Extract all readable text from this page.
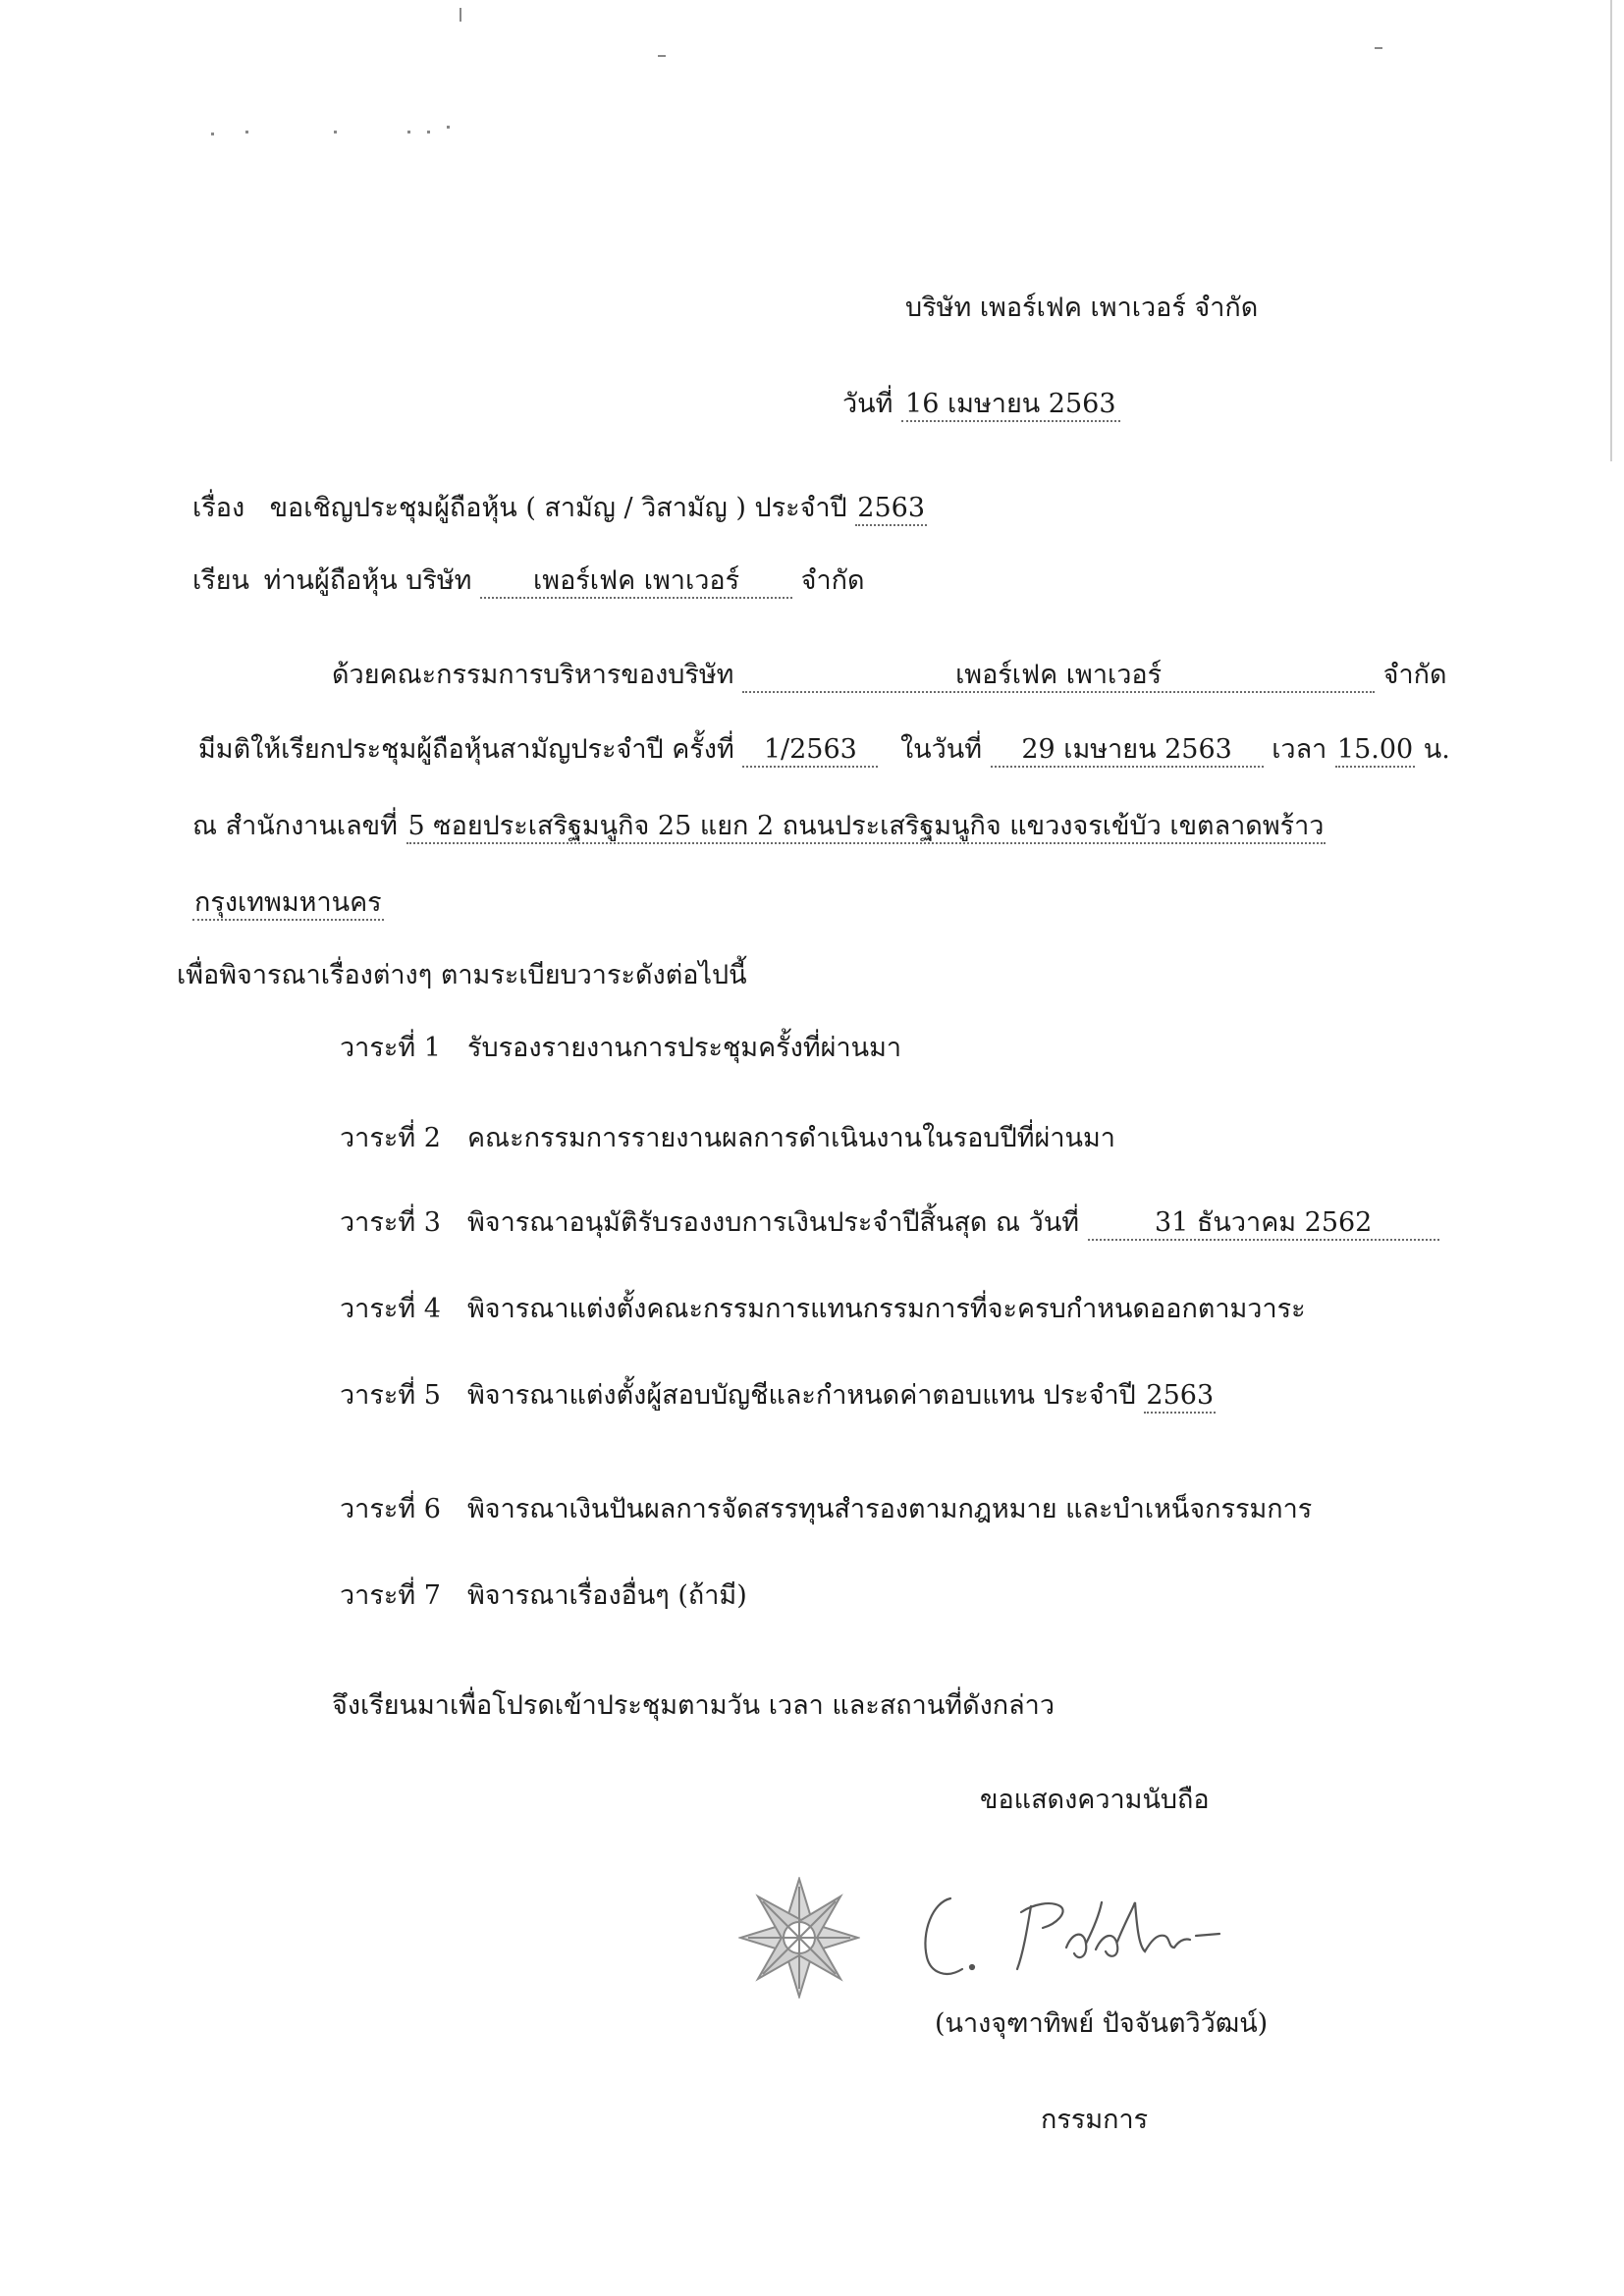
บริษัท เพอร์เฟค เพาเวอร์ จำกัด
วันที่ 16 เมษายน 2563
เรื่อง ขอเชิญประชุมผู้ถือหุ้น ( สามัญ / วิสามัญ ) ประจำปี 2563
เรียน ท่านผู้ถือหุ้น บริษัท เพอร์เฟค เพาเวอร์ จำกัด
ด้วยคณะกรรมการบริหารของบริษัท	เพอร์เฟค เพาเวอร์	จำกัด
มีมติให้เรียกประชุมผู้ถือหุ้นสามัญประจำปี ครั้งที่ 1/2563 ในวันที่ 29 เมษายน 2563 เวลา 15.00 น.
ณ สำนักงานเลขที่ 5 ซอยประเสริฐมนูกิจ 25 แยก 2 ถนนประเสริฐมนูกิจ แขวงจรเข้บัว เขตลาดพร้าว
กรุงเทพมหานคร
เพื่อพิจารณาเรื่องต่างๆ ตามระเบียบวาระดังต่อไปนี้
วาระที่ 1 รับรองรายงานการประชุมครั้งที่ผ่านมา
วาระที่ 2 คณะกรรมการรายงานผลการดำเนินงานในรอบปีที่ผ่านมา
วาระที่ 3 พิจารณาอนุมัติรับรองงบการเงินประจำปีสิ้นสุด ณ วันที่	31 ธันวาคม 2562
วาระที่ 4 พิจารณาแต่งตั้งคณะกรรมการแทนกรรมการที่จะครบกำหนดออกตามวาระ
วาระที่ 5 พิจารณาแต่งตั้งผู้สอบบัญชีและกำหนดค่าตอบแทน ประจำปี 2563
วาระที่ 6 พิจารณาเงินปันผลการจัดสรรทุนสำรองตามกฎหมาย และบำเหน็จกรรมการ
วาระที่ 7 พิจารณาเรื่องอื่นๆ (ถ้ามี)
จึงเรียนมาเพื่อโปรดเข้าประชุมตามวัน เวลา และสถานที่ดังกล่าว
ขอแสดงความนับถือ
(นางจุฑาทิพย์ ปัจจันตวิวัฒน์)
กรรมการ
